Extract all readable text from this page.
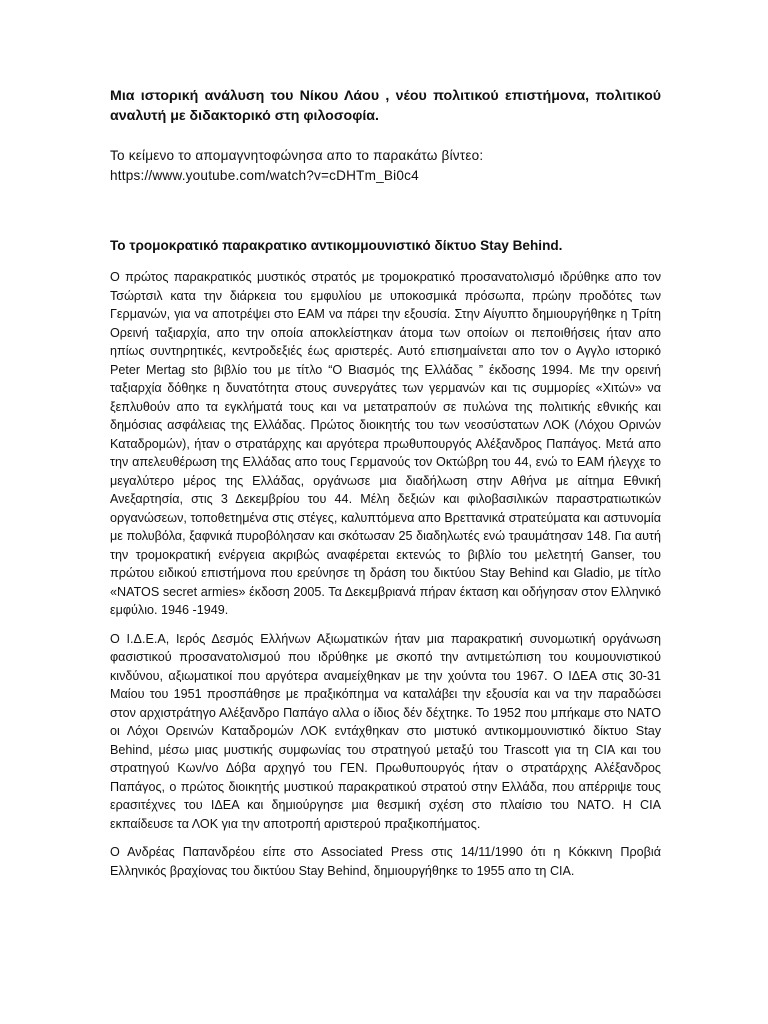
Μια ιστορική ανάλυση του Νίκου Λάου , νέου πολιτικού επιστήμονα, πολιτικού αναλυτή με διδακτορικό στη φιλοσοφία.

Το κείμενο το απομαγνητοφώνησα απο το παρακάτω βίντεο:
https://www.youtube.com/watch?v=cDHTm_Bi0c4

Το τρομοκρατικό παρακρατικο αντικομμουνιστικό δίκτυο Stay Behind.

Ο πρώτος παρακρατικός μυστικός στρατός με τρομοκρατικό προσανατολισμό ιδρύθηκε απο τον Τσώρτσιλ κατα την διάρκεια του εμφυλίου με υποκοσμικά πρόσωπα, πρώην προδότες των Γερμανών, για να αποτρέψει στο ΕΑΜ να πάρει την εξουσία. Στην Αίγυπτο δημιουργήθηκε η Τρίτη Ορεινή ταξιαρχία, απο την οποία αποκλείστηκαν άτομα των οποίων οι πεποιθήσεις ήταν απο ηπίως συντηρητικές, κεντροδεξιές έως αριστερές. Αυτό επισημαίνεται απο τον ο Αγγλο ιστορικό Peter Mertag sto βιβλίο του με τίτλο “Ο Βιασμός της Ελλάδας ” έκδοσης 1994. Με την ορεινή ταξιαρχία δόθηκε η δυνατότητα στους συνεργάτες των γερμανών και τις συμμορίες «Χιτών» να ξεπλυθούν απο τα εγκλήματά τους και να μετατραπούν σε πυλώνα της πολιτικής εθνικής και δημόσιας ασφάλειας της Ελλάδας. Πρώτος διοικητής του των νεοσύστατων ΛΟΚ (Λόχου Ορινών Καταδρομών), ήταν ο στρατάρχης και αργότερα πρωθυπουργός Αλέξανδρος Παπάγος. Μετά απο την απελευθέρωση της Ελλάδας απο τους Γερμανούς τον Οκτώβρη του 44, ενώ το ΕΑΜ ήλεγχε το μεγαλύτερο μέρος της Ελλάδας, οργάνωσε μια διαδήλωση στην Αθήνα με αίτημα Εθνική Ανεξαρτησία, στις 3 Δεκεμβρίου του 44. Μέλη δεξιών και φιλοβασιλικών παραστρατιωτικών οργανώσεων, τοποθετημένα στις στέγες, καλυπτόμενα απο Βρεττανικά στρατεύματα και αστυνομία με πολυβόλα, ξαφνικά πυροβόλησαν και σκότωσαν 25 διαδηλωτές ενώ τραυμάτησαν 148. Για αυτή την τρομοκρατική ενέργεια ακριβώς αναφέρεται εκτενώς το βιβλίο του μελετητή Ganser, του πρώτου ειδικού επιστήμονα που ερεύνησε τη δράση του δικτύου Stay Behind και Gladio, με τίτλο «NATOS secret armies» έκδοση 2005. Τα Δεκεμβριανά πήραν έκταση και οδήγησαν στον Ελληνικό εμφύλιο. 1946 -1949.

Ο Ι.Δ.Ε.Α, Ιερός Δεσμός Ελλήνων Αξιωματικών ήταν μια παρακρατική συνομωτική οργάνωση φασιστικού προσανατολισμού που ιδρύθηκε με σκοπό την αντιμετώπιση του κουμουνιστικού κινδύνου, αξιωματικοί που αργότερα αναμείχθηκαν με την χούντα του 1967. Ο ΙΔΕΑ στις 30-31 Μαίου του 1951 προσπάθησε με πραξικόπημα να καταλάβει την εξουσία και να την παραδώσει στον αρχιστράτηγο Αλέξανδρο Παπάγο αλλα ο ίδιος δέν δέχτηκε. Το 1952 που μπήκαμε στο ΝΑΤΟ οι Λόχοι Ορεινών Καταδρομών ΛΟΚ εντάχθηκαν στο μιστυκό αντικομμουνιστικό δίκτυο Stay Behind, μέσω μιας μυστικής συμφωνίας του στρατηγού μεταξύ του Trascott για τη CIA και του στρατηγού Κων/νο Δόβα αρχηγό του ΓΕΝ. Πρωθυπουργός ήταν ο στρατάρχης Αλέξανδρος Παπάγος, ο πρώτος διοικητής μυστικού παρακρατικού στρατού στην Ελλάδα, που απέρριψε τους ερασιτέχνες του ΙΔΕΑ και δημιούργησε μια θεσμική σχέση στο πλαίσιο του ΝΑΤΟ. Η CIA εκπαίδευσε τα ΛΟΚ για την αποτροπή αριστερού πραξικοπήματος.

Ο Ανδρέας Παπανδρέου είπε στο Associated Press στις 14/11/1990 ότι η Κόκκινη Προβιά Ελληνικός βραχίονας του δικτύου Stay Behind, δημιουργήθηκε το 1955 απο τη CIA.
